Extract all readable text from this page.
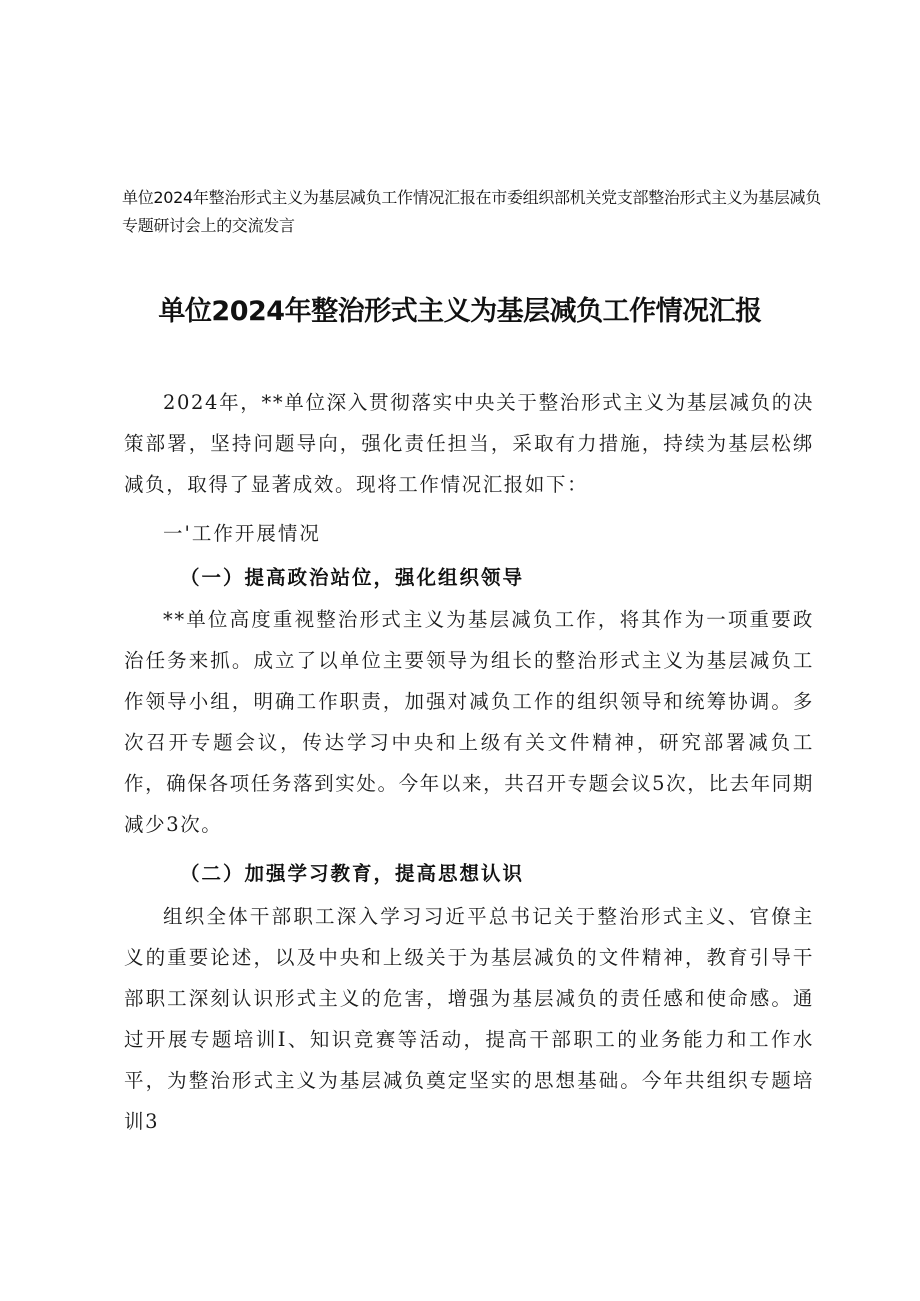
单位2024年整治形式主义为基层减负工作情况汇报在市委组织部机关党支部整治形式主义为基层减负专题研讨会上的交流发言
单位2024年整治形式主义为基层减负工作情况汇报

2024年，**单位深入贯彻落实中央关于整治形式主义为基层减负的决策部署，坚持问题导向，强化责任担当，采取有力措施，持续为基层松绑减负，取得了显著成效。现将工作情况汇报如下：

一'工作开展情况
（一）提高政治站位，强化组织领导

**单位高度重视整治形式主义为基层减负工作，将其作为一项重要政治任务来抓。成立了以单位主要领导为组长的整治形式主义为基层减负工作领导小组，明确工作职责，加强对减负工作的组织领导和统筹协调。多次召开专题会议，传达学习中央和上级有关文件精神，研究部署减负工作，确保各项任务落到实处。今年以来，共召开专题会议5次，比去年同期减少3次。

（二）加强学习教育，提高思想认识

组织全体干部职工深入学习习近平总书记关于整治形式主义、官僚主义的重要论述，以及中央和上级关于为基层减负的文件精神，教育引导干部职工深刻认识形式主义的危害，增强为基层减负的责任感和使命感。通过开展专题培训I、知识竞赛等活动，提高干部职工的业务能力和工作水平，为整治形式主义为基层减负奠定坚实的思想基础。今年共组织专题培训3
